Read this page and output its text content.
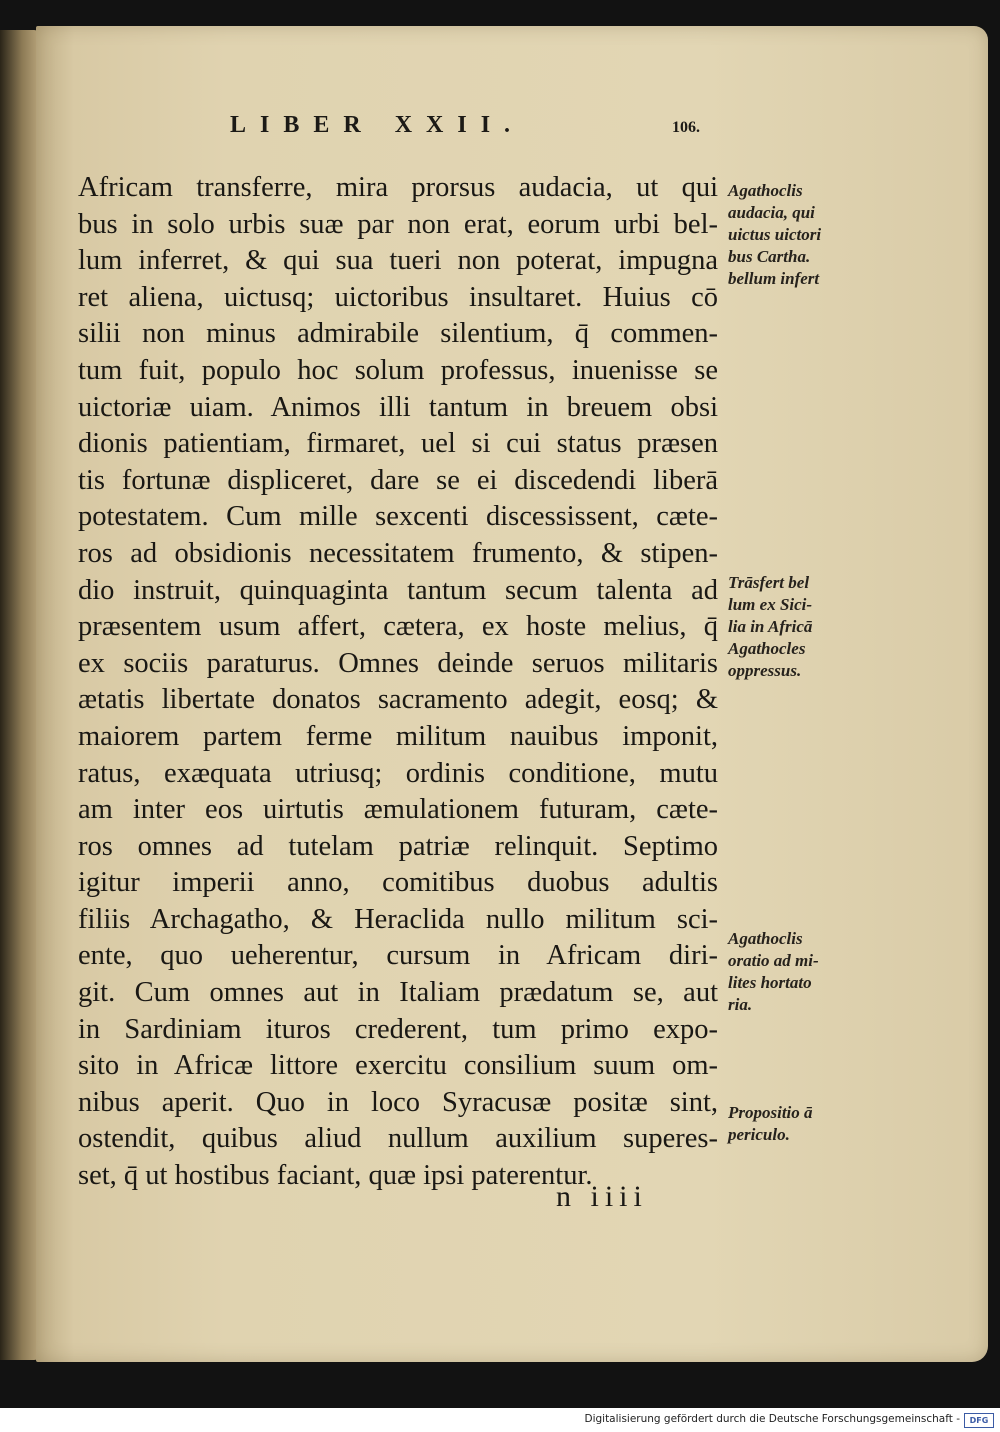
LIBER XXII.	106.
Africam transferre, mira prorsus audacia, ut qui
bus in solo urbis suæ par non erat, eorum urbi bel-
lum inferret, & qui sua tueri non poterat, impugna
ret aliena, uictusq; uictoribus insultaret. Huius cō
silii non minus admirabile silentium, q̄ commen-
tum fuit, populo hoc solum professus, inuenisse se
uictoriæ uiam. Animos illi tantum in breuem obsi
dionis patientiam, firmaret, uel si cui status præsen
tis fortunæ displiceret, dare se ei discedendi liberā
potestatem. Cum mille sexcenti discessissent, cæte-
ros ad obsidionis necessitatem frumento, & stipen-
dio instruit, quinquaginta tantum secum talenta ad
præsentem usum affert, cætera, ex hoste melius, q̄
ex sociis paraturus. Omnes deinde seruos militaris
ætatis libertate donatos sacramento adegit, eosq; &
maiorem partem ferme militum nauibus imponit,
ratus, exæquata utriusq; ordinis conditione, mutu
am inter eos uirtutis æmulationem futuram, cæte-
ros omnes ad tutelam patriæ relinquit. Septimo
igitur imperii anno, comitibus duobus adultis
filiis Archagatho, & Heraclida nullo militum sci-
ente, quo ueherentur, cursum in Africam diri-
git. Cum omnes aut in Italiam prædatum se, aut
in Sardiniam ituros crederent, tum primo expo-
sito in Africæ littore exercitu consilium suum om-
nibus aperit. Quo in loco Syracusæ positæ sint,
ostendit, quibus aliud nullum auxilium superes-
set, q̄ ut hostibus faciant, quæ ipsi paterentur.
n iiii
Agathoclis
audacia, qui
uictus uictori
bus Cartha.
bellum infert
Trāsfert bel
lum ex Sici-
lia in Africā
Agathocles
oppressus.
Agathoclis
oratio ad mi-
lites hortato
ria.
Propositio ā
periculo.
Digitalisierung gefördert durch die Deutsche Forschungsgemeinschaft -	DFG
